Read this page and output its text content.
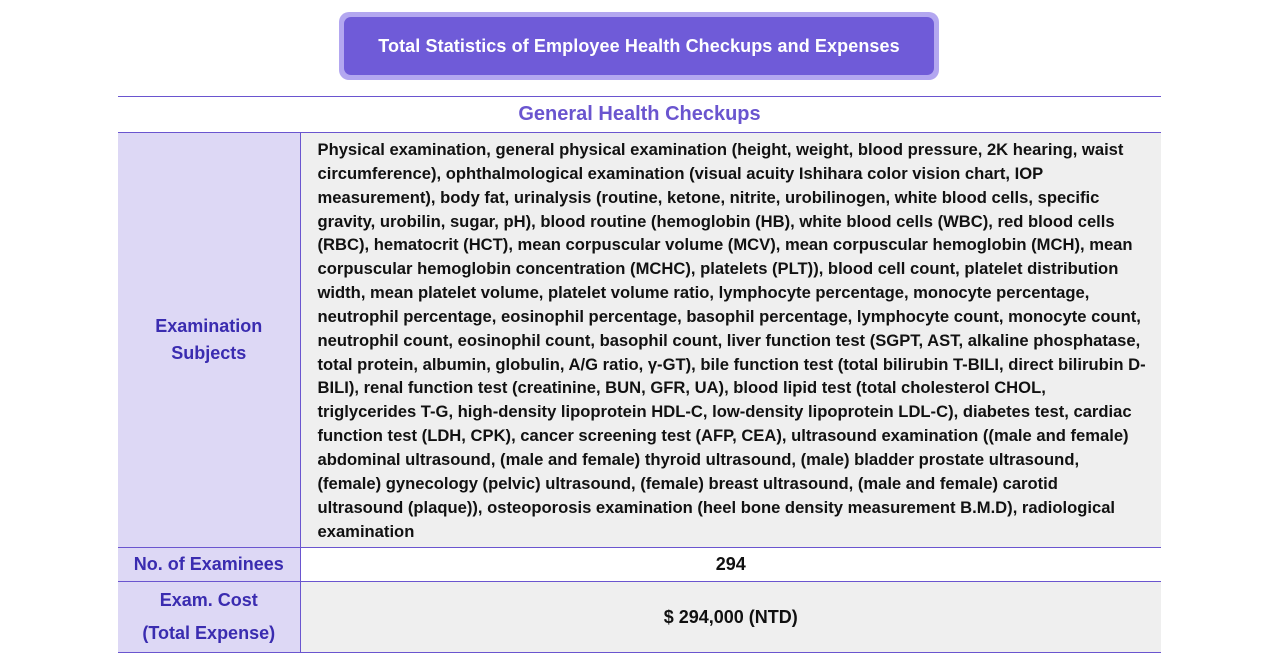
Total Statistics of Employee Health Checkups and Expenses
General Health Checkups	
Examination
Subjects	Physical examination, general physical examination (height, weight, blood pressure, 2K hearing, waist circumference), ophthalmological examination (visual acuity Ishihara color vision chart, IOP measurement), body fat, urinalysis (routine, ketone, nitrite, urobilinogen, white blood cells, specific gravity, urobilin, sugar, pH), blood routine (hemoglobin (HB), white blood cells (WBC), red blood cells (RBC), hematocrit (HCT), mean corpuscular volume (MCV), mean corpuscular hemoglobin (MCH), mean corpuscular hemoglobin concentration (MCHC), platelets (PLT)), blood cell count, platelet distribution width, mean platelet volume, platelet volume ratio, lymphocyte percentage, monocyte percentage, neutrophil percentage, eosinophil percentage, basophil percentage, lymphocyte count, monocyte count, neutrophil count, eosinophil count, basophil count, liver function test (SGPT, AST, alkaline phosphatase, total protein, albumin, globulin, A/G ratio, γ-GT), bile function test (total bilirubin T-BILI, direct bilirubin D-BILI), renal function test (creatinine, BUN, GFR, UA), blood lipid test (total cholesterol CHOL, triglycerides T-G, high-density lipoprotein HDL-C, low-density lipoprotein LDL-C), diabetes test, cardiac function test (LDH, CPK), cancer screening test (AFP, CEA), ultrasound examination ((male and female) abdominal ultrasound, (male and female) thyroid ultrasound, (male) bladder prostate ultrasound, (female) gynecology (pelvic) ultrasound, (female) breast ultrasound, (male and female) carotid ultrasound (plaque)), osteoporosis examination (heel bone density measurement B.M.D), radiological examination
No. of Examinees	294
Exam. Cost
(Total Expense)	$ 294,000 (NTD)
